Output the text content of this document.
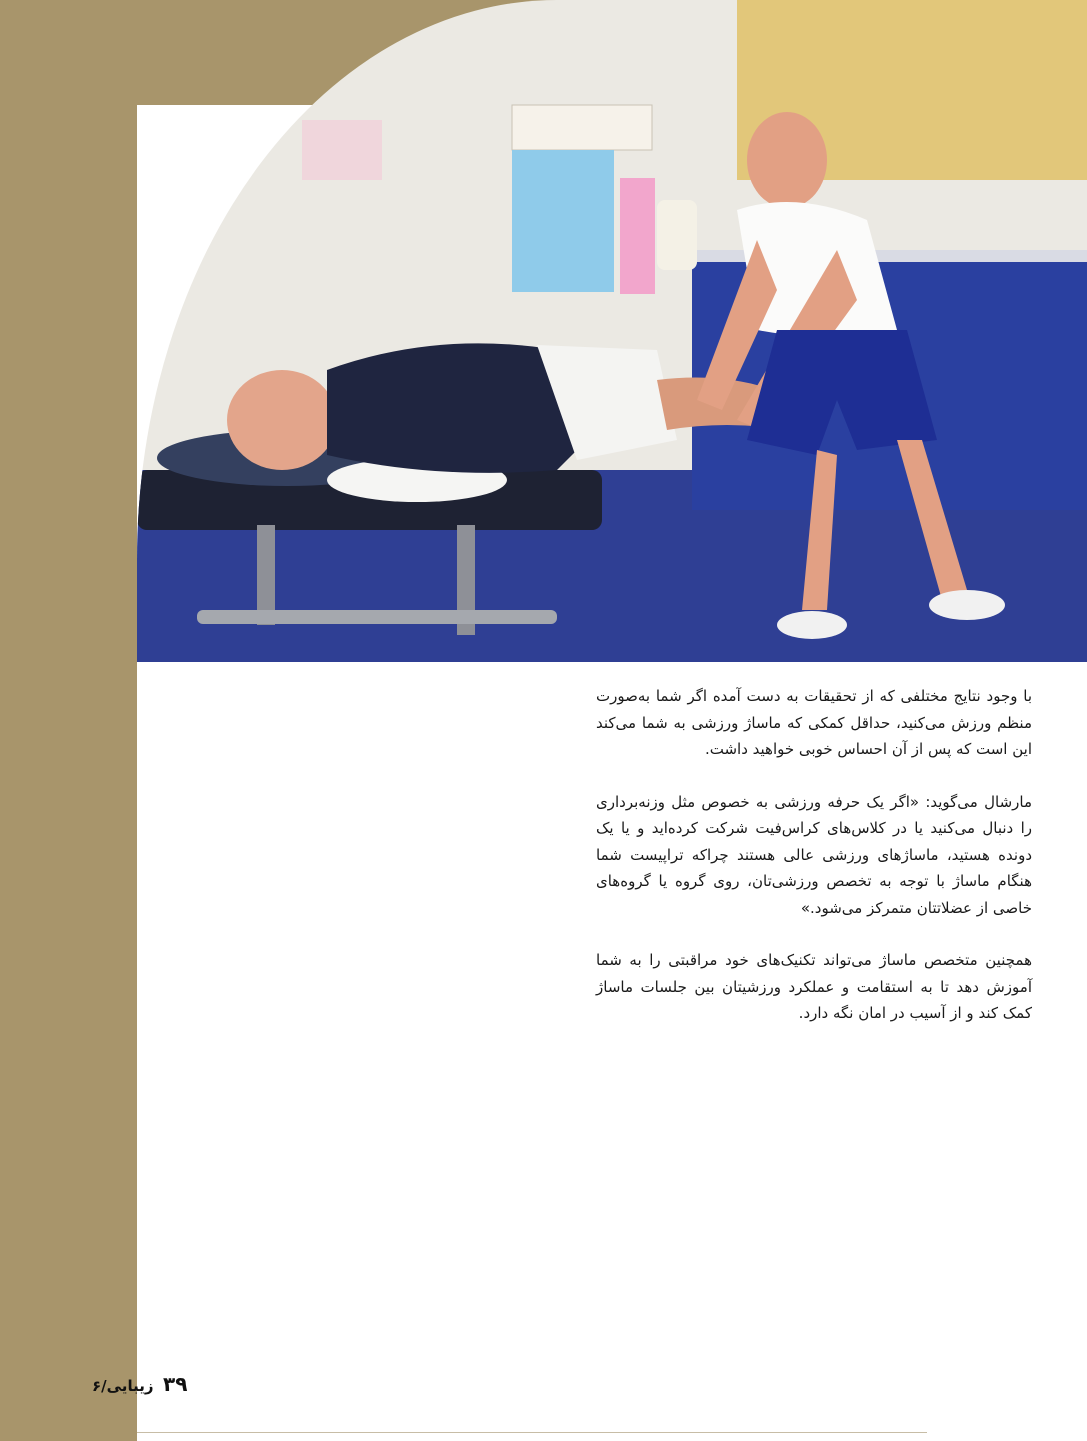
با وجود نتایج مختلفی که از تحقیقات به دست آمده اگر شما به‌صورت منظم ورزش می‌کنید، حداقل کمکی که ماساژ ورزشی به شما می‌کند این است که پس از آن احساس خوبی خواهید داشت.

مارشال می‌گوید: «اگر یک حرفه ورزشی به خصوص مثل وزنه‌برداری را دنبال می‌کنید یا در کلاس‌های کراس‌فیت شرکت کرده‌اید و یا یک دونده هستید، ماساژهای ورزشی عالی هستند چراکه تراپیست شما هنگام ماساژ با توجه به تخصص ورزشی‌تان، روی گروه یا گروه‌های خاصی از عضلاتتان متمرکز می‌شود.»

همچنین متخصص ماساژ می‌تواند تکنیک‌های خود مراقبتی را به شما آموزش دهد تا به استقامت و عملکرد ورزشیتان بین جلسات ماساژ کمک کند و از آسیب در امان نگه دارد.

۳۹ زیبایی/۶
